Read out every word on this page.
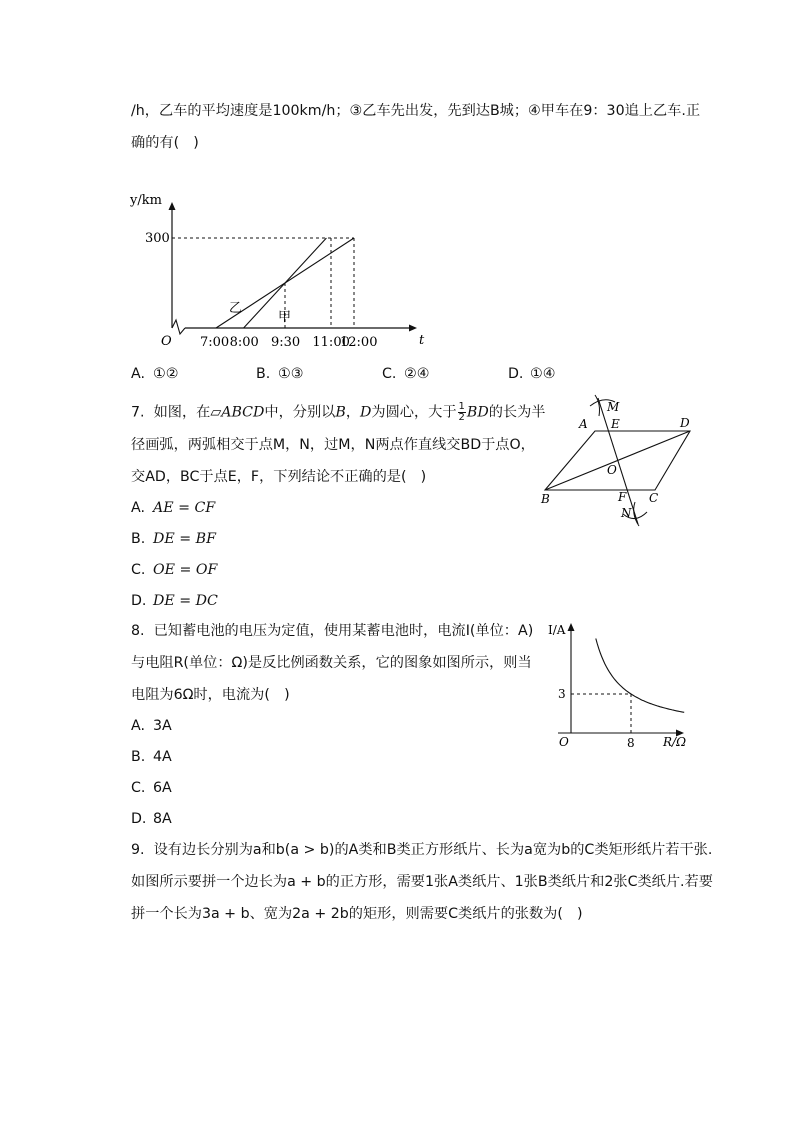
/h，乙车的平均速度是100km/h；③乙车先出发，先到达B城；④甲车在9：30追上乙车.正
确的有(　)
y/km
300
O	t
乙
甲
7:00 8:00 9:30 11:00
12:00
A. ①②	B. ①③	C. ②④	D. ①④
7. 如图，在▱ABCD中，分别以B，D为圆心，大于 $\frac{1}{2}$ BD的长为半
径画弧，两弧相交于点M，N，过M，N两点作直线交BD于点O，
交AD，BC于点E，F，下列结论不正确的是(　)
A. AE = CF
B. DE = BF
C. OE = OF
D. DE = DC
M
A E	D
O
B	F C
N
8. 已知蓄电池的电压为定值，使用某蓄电池时，电流I(单位：A)
与电阻R(单位：Ω)是反比例函数关系，它的图象如图所示，则当
电阻为6Ω时，电流为(　)
A. 3A
B. 4A
C. 6A
D. 8A
I/A
3
O	8 R/Ω
9. 设有边长分别为a和b(a > b)的A类和B类正方形纸片、长为a宽为b的C类矩形纸片若干张.
如图所示要拼一个边长为a + b的正方形，需要1张A类纸片、1张B类纸片和2张C类纸片.若要
拼一个长为3a + b、宽为2a + 2b的矩形，则需要C类纸片的张数为(　)
